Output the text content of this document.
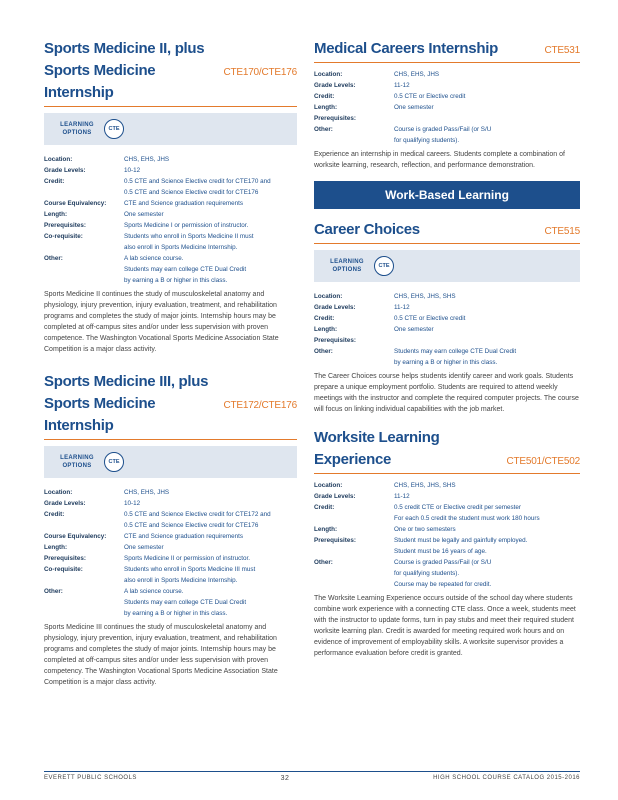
Sports Medicine II, plus
Sports Medicine Internship
CTE170/CTE176
LEARNING
OPTIONS
CTE
Location:	CHS, EHS, JHS
Grade Levels:	10-12
Credit:	0.5 CTE and Science Elective credit for CTE170 and
0.5 CTE and Science Elective credit for CTE176
Course Equivalency:	CTE and Science graduation requirements
Length:	One semester
Prerequisites:	Sports Medicine I or permission of instructor.
Co-requisite:	Students who enroll in Sports Medicine II must
also enroll in Sports Medicine Internship.
Other:	A lab science course.
Students may earn college CTE Dual Credit
by earning a B or higher in this class.
Sports Medicine II continues the study of musculoskeletal anatomy and physiology, injury prevention, injury evaluation, treatment, and rehabilitation programs and completes the study of major joints. Internship hours may be completed at off-campus sites and/or under less supervision with proven competence. The Washington Vocational Sports Medicine Association State Competition is a major class activity.
Sports Medicine III, plus
Sports Medicine Internship
CTE172/CTE176
LEARNING
OPTIONS
CTE
Location:	CHS, EHS, JHS
Grade Levels:	10-12
Credit:	0.5 CTE and Science Elective credit for CTE172 and
0.5 CTE and Science Elective credit for CTE176
Course Equivalency:	CTE and Science graduation requirements
Length:	One semester
Prerequisites:	Sports Medicine II or permission of instructor.
Co-requisite:	Students who enroll in Sports Medicine III must
also enroll in Sports Medicine Internship.
Other:	A lab science course.
Students may earn college CTE Dual Credit
by earning a B or higher in this class.
Sports Medicine III continues the study of musculoskeletal anatomy and physiology, injury prevention, injury evaluation, treatment, and rehabilitation programs and completes the study of major joints. Internship hours may be completed at off-campus sites and/or under less supervision with proven competency. The Washington Vocational Sports Medicine Association State Competition is a major class activity.
Medical Careers Internship	CTE531
Location:	CHS, EHS, JHS
Grade Levels:	11-12
Credit:	0.5 CTE or Elective credit
Length:	One semester
Prerequisites:
Other:	Course is graded Pass/Fail (or S/U
for qualifying students).
Experience an internship in medical careers. Students complete a combination of worksite learning, research, reflection, and performance demonstration.
Work-Based Learning
Career Choices	CTE515
LEARNING
OPTIONS
CTE
Location:	CHS, EHS, JHS, SHS
Grade Levels:	11-12
Credit:	0.5 CTE or Elective credit
Length:	One semester
Prerequisites:
Other:	Students may earn college CTE Dual Credit
by earning a B or higher in this class.
The Career Choices course helps students identify career and work goals. Students prepare a unique employment portfolio. Students are required to attend weekly meetings with the instructor and complete the required computer projects. The course will focus on linking individual capabilities with the job market.
Worksite Learning
Experience	CTE501/CTE502
Location:	CHS, EHS, JHS, SHS
Grade Levels:	11-12
Credit:	0.5 credit CTE or Elective credit per semester
For each 0.5 credit the student must work 180 hours
Length:	One or two semesters
Prerequisites:	Student must be legally and gainfully employed.
Student must be 16 years of age.
Other:	Course is graded Pass/Fail (or S/U
for qualifying students).
Course may be repeated for credit.
The Worksite Learning Experience occurs outside of the school day where students combine work experience with a connecting CTE class. Once a week, students meet with the instructor to update forms, turn in pay stubs and meet their required student worksite learning plan. Credit is awarded for meeting required work hours and on evidence of improvement of employability skills. A worksite supervisor provides a performance evaluation before credit is granted.
EVERETT PUBLIC SCHOOLS	32	HIGH SCHOOL COURSE CATALOG 2015-2016
